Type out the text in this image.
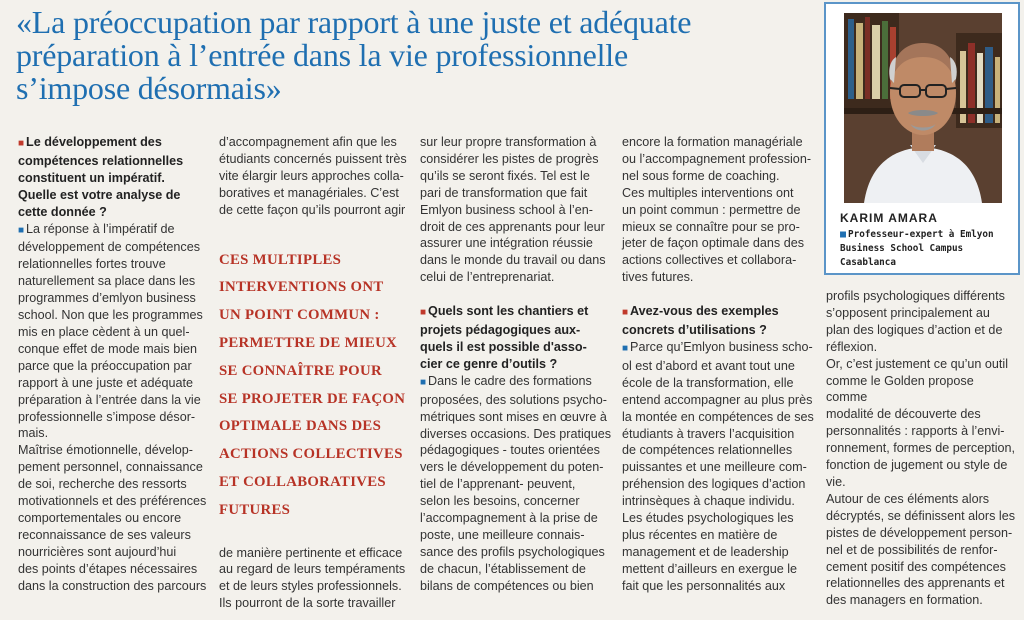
«La préoccupation par rapport à une juste et adéquate
préparation à l’entrée dans la vie professionnelle
s’impose désormais»
KARIM AMARA
■ Professeur-expert à Emlyon
Business School Campus
Casablanca

■ Le développement des
compétences relationnelles
constituent un impératif.
Quelle est votre analyse de
cette donnée ?

■ La réponse à l’impératif de
développement de compétences
relationnelles fortes trouve
naturellement sa place dans les
programmes d’emlyon business
school. Non que les programmes
mis en place cèdent à un quel-
conque effet de mode mais bien
parce que la préoccupation par
rapport à une juste et adéquate
préparation à l’entrée dans la vie
professionnelle s’impose désor-
mais.
Maîtrise émotionnelle, dévelop-
pement personnel, connaissance
de soi, recherche des ressorts
motivationnels et des préférences
comportementales ou encore
reconnaissance de ses valeurs
nourricières sont aujourd’hui
des points d’étapes nécessaires
dans la construction des parcours

d’accompagnement afin que les
étudiants concernés puissent très
vite élargir leurs approches colla-
boratives et managériales. C’est
de cette façon qu’ils pourront agir

CES MULTIPLES
INTERVENTIONS ONT
UN POINT COMMUN :
PERMETTRE DE MIEUX
SE CONNAÎTRE POUR
SE PROJETER DE FAÇON
OPTIMALE DANS DES
ACTIONS COLLECTIVES
ET COLLABORATIVES
FUTURES

de manière pertinente et efficace
au regard de leurs tempéraments
et de leurs styles professionnels.
Ils pourront de la sorte travailler

sur leur propre transformation à
considérer les pistes de progrès
qu’ils se seront fixés. Tel est le
pari de transformation que fait
Emlyon business school à l’en-
droit de ces apprenants pour leur
assurer une intégration réussie
dans le monde du travail ou dans
celui de l’entreprenariat.

■ Quels sont les chantiers et
projets pédagogiques aux-
quels il est possible d'asso-
cier ce genre d’outils ?

■ Dans le cadre des formations
proposées, des solutions psycho-
métriques sont mises en œuvre à
diverses occasions. Des pratiques
pédagogiques - toutes orientées
vers le développement du poten-
tiel de l’apprenant- peuvent,
selon les besoins, concerner
l’accompagnement à la prise de
poste, une meilleure connais-
sance des profils psychologiques
de chacun, l’établissement de
bilans de compétences ou bien

encore la formation managériale
ou l’accompagnement profession-
nel sous forme de coaching.
Ces multiples interventions ont
un point commun : permettre de
mieux se connaître pour se pro-
jeter de façon optimale dans des
actions collectives et collabora-
tives futures.

■ Avez-vous des exemples
concrets d’utilisations ?

■ Parce qu’Emlyon business scho-
ol est d’abord et avant tout une
école de la transformation, elle
entend accompagner au plus près
la montée en compétences de ses
étudiants à travers l’acquisition
de compétences relationnelles
puissantes et une meilleure com-
préhension des logiques d’action
intrinsèques à chaque individu.
Les études psychologiques les
plus récentes en matière de
management et de leadership
mettent d’ailleurs en exergue le
fait que les personnalités aux

profils psychologiques différents
s’opposent principalement au
plan des logiques d’action et de
réflexion.
Or, c’est justement ce qu’un outil
comme le Golden propose comme
modalité de découverte des
personnalités : rapports à l’envi-
ronnement, formes de perception,
fonction de jugement ou style de
vie.
Autour de ces éléments alors
décryptés, se définissent alors les
pistes de développement person-
nel et de possibilités de renfor-
cement positif des compétences
relationnelles des apprenants et
des managers en formation.
